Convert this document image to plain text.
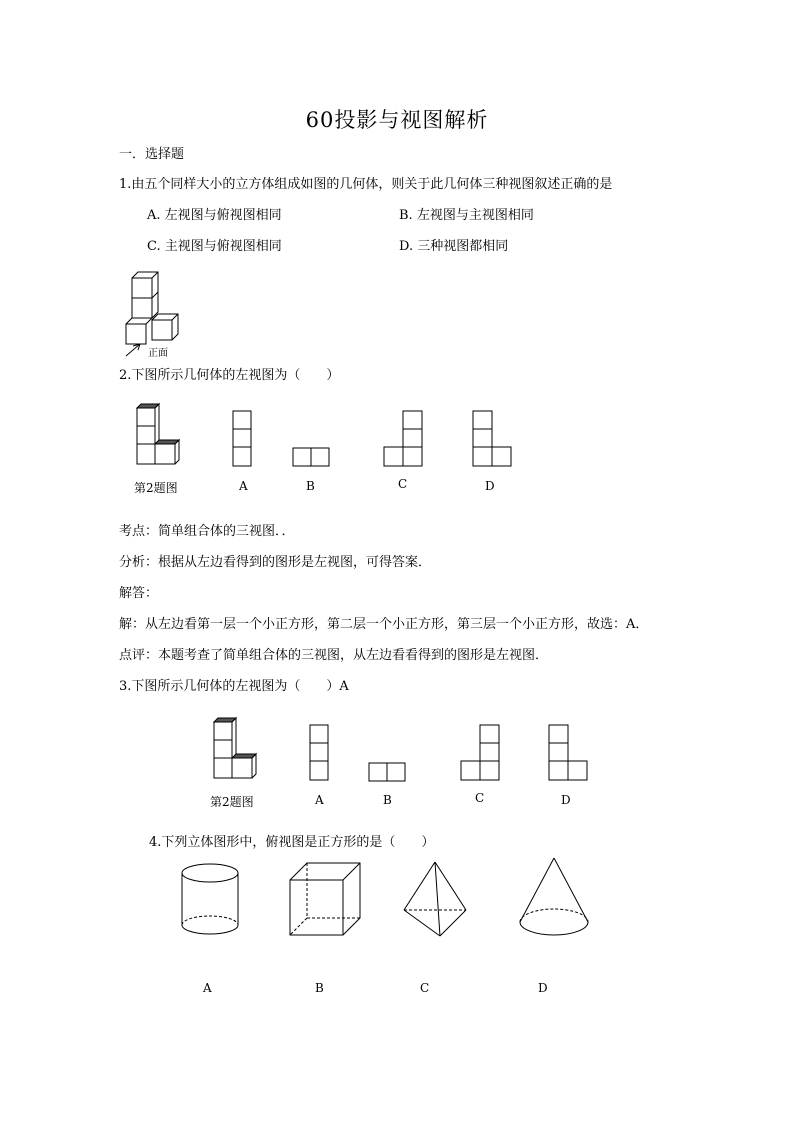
60投影与视图解析
一．选择题
1.由五个同样大小的立方体组成如图的几何体，则关于此几何体三种视图叙述正确的是
A. 左视图与俯视图相同	B. 左视图与主视图相同
C. 主视图与俯视图相同	D. 三种视图都相同
正面
2.下图所示几何体的左视图为（　　）
第2题图	A	B	C	D
考点：简单组合体的三视图．．
分析：根据从左边看得到的图形是左视图，可得答案．
解答：
解：从左边看第一层一个小正方形，第二层一个小正方形，第三层一个小正方形，故选：A．
点评：本题考查了简单组合体的三视图，从左边看看得到的图形是左视图．
3.下图所示几何体的左视图为（　　）A
第2题图	A	B	C	D
4.下列立体图形中，俯视图是正方形的是（　　）
A	B	C	D
